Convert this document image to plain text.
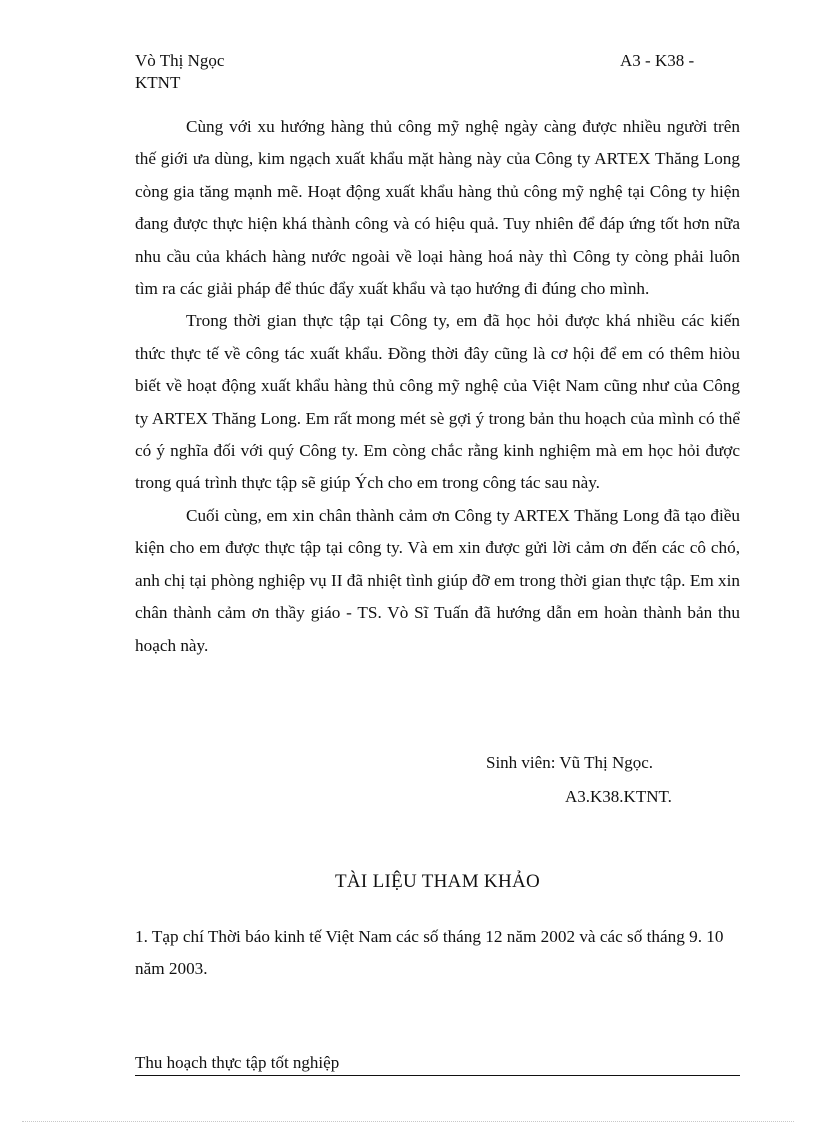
Vò Thị Ngọc
KTNT
A3 - K38 -

Cùng với xu hướng hàng thủ công mỹ nghệ ngày càng được nhiều người trên thế giới ưa dùng, kim ngạch xuất khẩu mặt hàng này của Công ty ARTEX Thăng Long còng gia tăng mạnh mẽ. Hoạt động xuất khẩu hàng thủ công mỹ nghệ tại Công ty hiện đang được thực hiện khá thành công và có hiệu quả. Tuy nhiên để đáp ứng tốt hơn nữa nhu cầu của khách hàng nước ngoài về loại hàng hoá này thì Công ty còng phải luôn tìm ra các giải pháp để thúc đẩy xuất khẩu và tạo hướng đi đúng cho mình.

Trong thời gian thực tập tại Công ty, em đã học hỏi được khá nhiều các kiến thức thực tế về công tác xuất khẩu. Đồng thời đây cũng là cơ hội để em có thêm hiòu biết về hoạt động xuất khẩu hàng thủ công mỹ nghệ của Việt Nam cũng như của Công ty ARTEX Thăng Long. Em rất mong mét sè gợi ý trong bản thu hoạch của mình có thể có ý nghĩa đối với quý Công ty. Em còng chắc rằng kinh nghiệm mà em học hỏi được trong quá trình thực tập sẽ giúp Ých cho em trong công tác sau này.

Cuối cùng, em xin chân thành cảm ơn Công ty ARTEX Thăng Long đã tạo điều kiện cho em được thực tập tại công ty. Và em xin được gửi lời cảm ơn đến các cô chó, anh chị tại phòng nghiệp vụ II đã nhiệt tình giúp đỡ em trong thời gian thực tập. Em xin chân thành cảm ơn thầy giáo - TS. Vò Sĩ Tuấn đã hướng dẫn em hoàn thành bản thu hoạch này.

Sinh viên: Vũ Thị Ngọc.
A3.K38.KTNT.
TÀI LIỆU THAM KHẢO
1. Tạp chí Thời báo kinh tế Việt Nam các số tháng 12 năm 2002 và các số tháng 9. 10 năm 2003.
Thu hoạch thực tập tốt nghiệp
